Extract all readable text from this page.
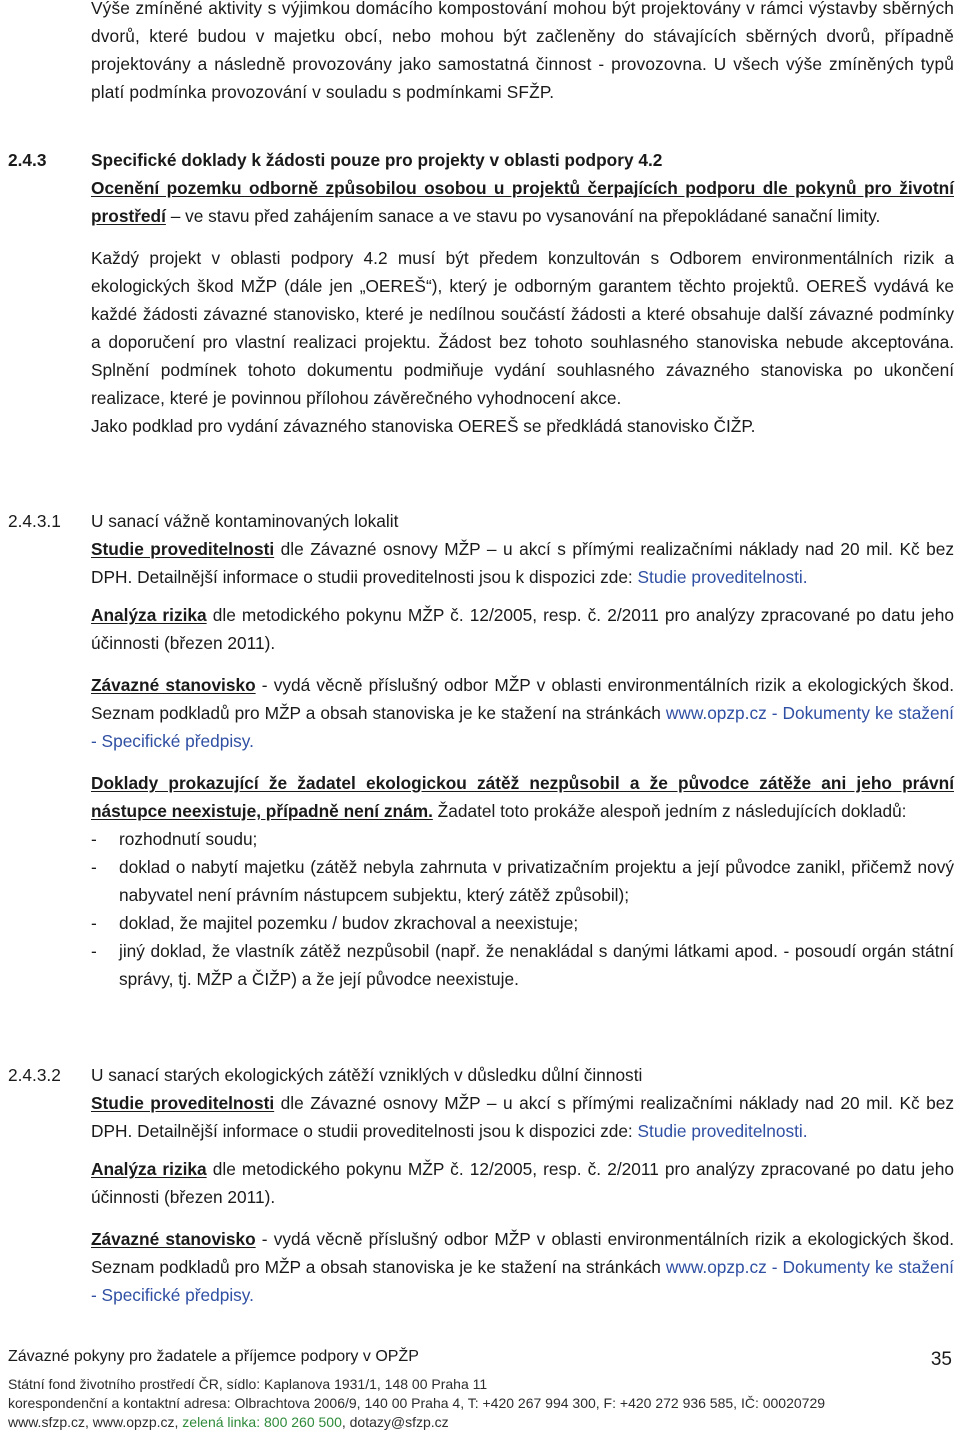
Výše zmíněné aktivity s výjimkou domácího kompostování mohou být projektovány v rámci výstavby sběrných dvorů, které budou v majetku obcí, nebo mohou být začleněny do stávajících sběrných dvorů, případně projektovány a následně provozovány jako samostatná činnost - provozovna. U všech výše zmíněných typů platí podmínka provozování v souladu s podmínkami SFŽP.

2.4.3	Specifické doklady k žádosti pouze pro projekty v oblasti podpory 4.2

Ocenění pozemku odborně způsobilou osobou u projektů čerpajících podporu dle pokynů pro životní prostředí – ve stavu před zahájením sanace a ve stavu po vysanování na přepokládané sanační limity.

Každý projekt v oblasti podpory 4.2 musí být předem konzultován s Odborem environmentálních rizik a ekologických škod MŽP (dále jen „OEREŠ“), který je odborným garantem těchto projektů. OEREŠ vydává ke každé žádosti závazné stanovisko, které je nedílnou součástí žádosti a které obsahuje další závazné podmínky a doporučení pro vlastní realizaci projektu. Žádost bez tohoto souhlasného stanoviska nebude akceptována. Splnění podmínek tohoto dokumentu podmiňuje vydání souhlasného závazného stanoviska po ukončení realizace, které je povinnou přílohou závěrečného vyhodnocení akce.

Jako podklad pro vydání závazného stanoviska OEREŠ se předkládá stanovisko ČIŽP.

2.4.3.1 U sanací vážně kontaminovaných lokalit

Studie proveditelnosti dle Závazné osnovy MŽP – u akcí s přímými realizačními náklady nad 20 mil. Kč bez DPH. Detailnější informace o studii proveditelnosti jsou k dispozici zde: Studie proveditelnosti.

Analýza rizika dle metodického pokynu MŽP č. 12/2005, resp. č. 2/2011 pro analýzy zpracované po datu jeho účinnosti (březen 2011).

Závazné stanovisko - vydá věcně příslušný odbor MŽP v oblasti environmentálních rizik a ekologických škod. Seznam podkladů pro MŽP a obsah stanoviska je ke stažení na stránkách www.opzp.cz - Dokumenty ke stažení - Specifické předpisy.

Doklady prokazující že žadatel ekologickou zátěž nezpůsobil a že původce zátěže ani jeho právní nástupce neexistuje, případně není znám. Žadatel toto prokáže alespoň jedním z následujících dokladů:

- rozhodnutí soudu;
- doklad o nabytí majetku (zátěž nebyla zahrnuta v privatizačním projektu a její původce zanikl, přičemž nový nabyvatel není právním nástupcem subjektu, který zátěž způsobil);
- doklad, že majitel pozemku / budov zkrachoval a neexistuje;
- jiný doklad, že vlastník zátěž nezpůsobil (např. že nenakládal s danými látkami apod. - posoudí orgán státní správy, tj. MŽP a ČIŽP) a že její původce neexistuje.
2.4.3.2 U sanací starých ekologických zátěží vzniklých v důsledku důlní činnosti

Studie proveditelnosti dle Závazné osnovy MŽP – u akcí s přímými realizačními náklady nad 20 mil. Kč bez DPH. Detailnější informace o studii proveditelnosti jsou k dispozici zde: Studie proveditelnosti.

Analýza rizika dle metodického pokynu MŽP č. 12/2005, resp. č. 2/2011 pro analýzy zpracované po datu jeho účinnosti (březen 2011).

Závazné stanovisko - vydá věcně příslušný odbor MŽP v oblasti environmentálních rizik a ekologických škod. Seznam podkladů pro MŽP a obsah stanoviska je ke stažení na stránkách www.opzp.cz - Dokumenty ke stažení - Specifické předpisy.

Závazné pokyny pro žadatele a příjemce podpory v OPŽP	35
Státní fond životního prostředí ČR, sídlo: Kaplanova 1931/1, 148 00 Praha 11
korespondenční a kontaktní adresa: Olbrachtova 2006/9, 140 00 Praha 4, T: +420 267 994 300, F: +420 272 936 585, IČ: 00020729
www.sfzp.cz, www.opzp.cz, zelená linka: 800 260 500, dotazy@sfzp.cz
